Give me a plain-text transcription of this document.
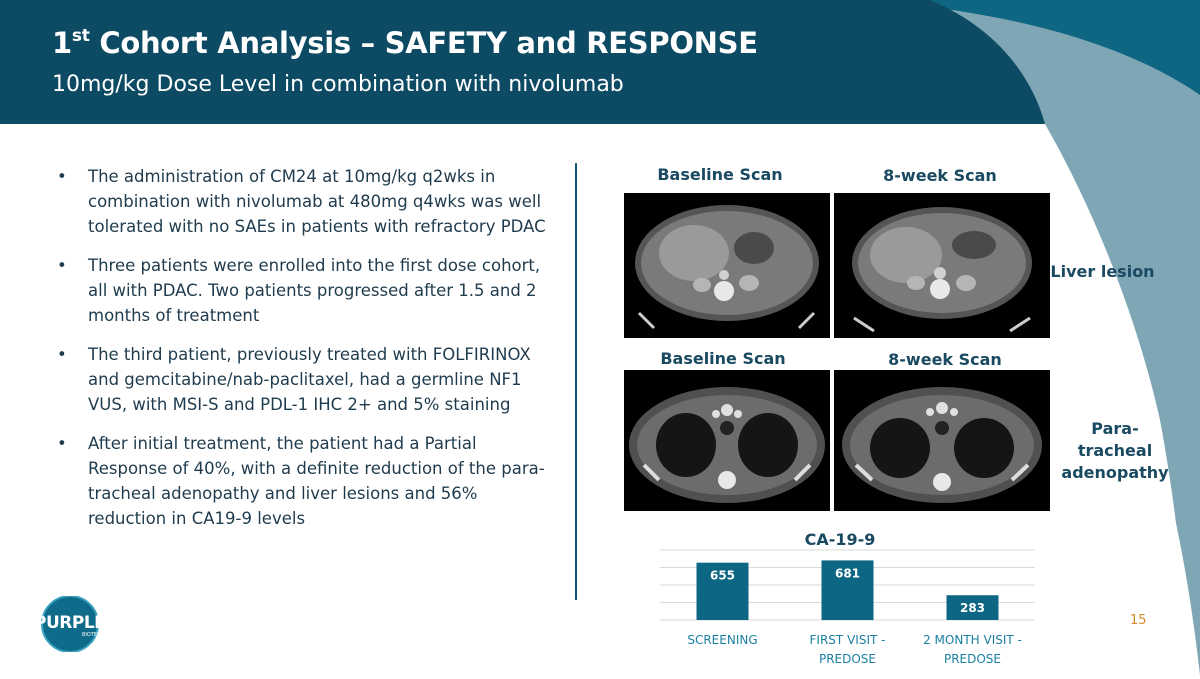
1st Cohort Analysis – SAFETY and RESPONSE
10mg/kg Dose Level in combination with nivolumab
• The administration of CM24 at 10mg/kg q2wks in combination with nivolumab at 480mg q4wks was well tolerated with no SAEs in patients with refractory PDAC
• Three patients were enrolled into the first dose cohort, all with PDAC. Two patients progressed after 1.5 and 2 months of treatment
• The third patient, previously treated with FOLFIRINOX and gemcitabine/nab-paclitaxel, had a germline NF1 VUS, with MSI-S and PDL-1 IHC 2+ and 5% staining
• After initial treatment, the patient had a Partial Response of 40%, with a definite reduction of the para-tracheal adenopathy and liver lesions and 56% reduction in CA19-9 levels
Baseline Scan	8-week Scan
Liver lesion
Baseline Scan	8-week Scan
Para-tracheal
adenopathy
CA-19-9
655
SCREENING
681
FIRST VISIT -
PREDOSE
283
2 MONTH VISIT -
PREDOSE
PURPLE
BIOTECH
15
